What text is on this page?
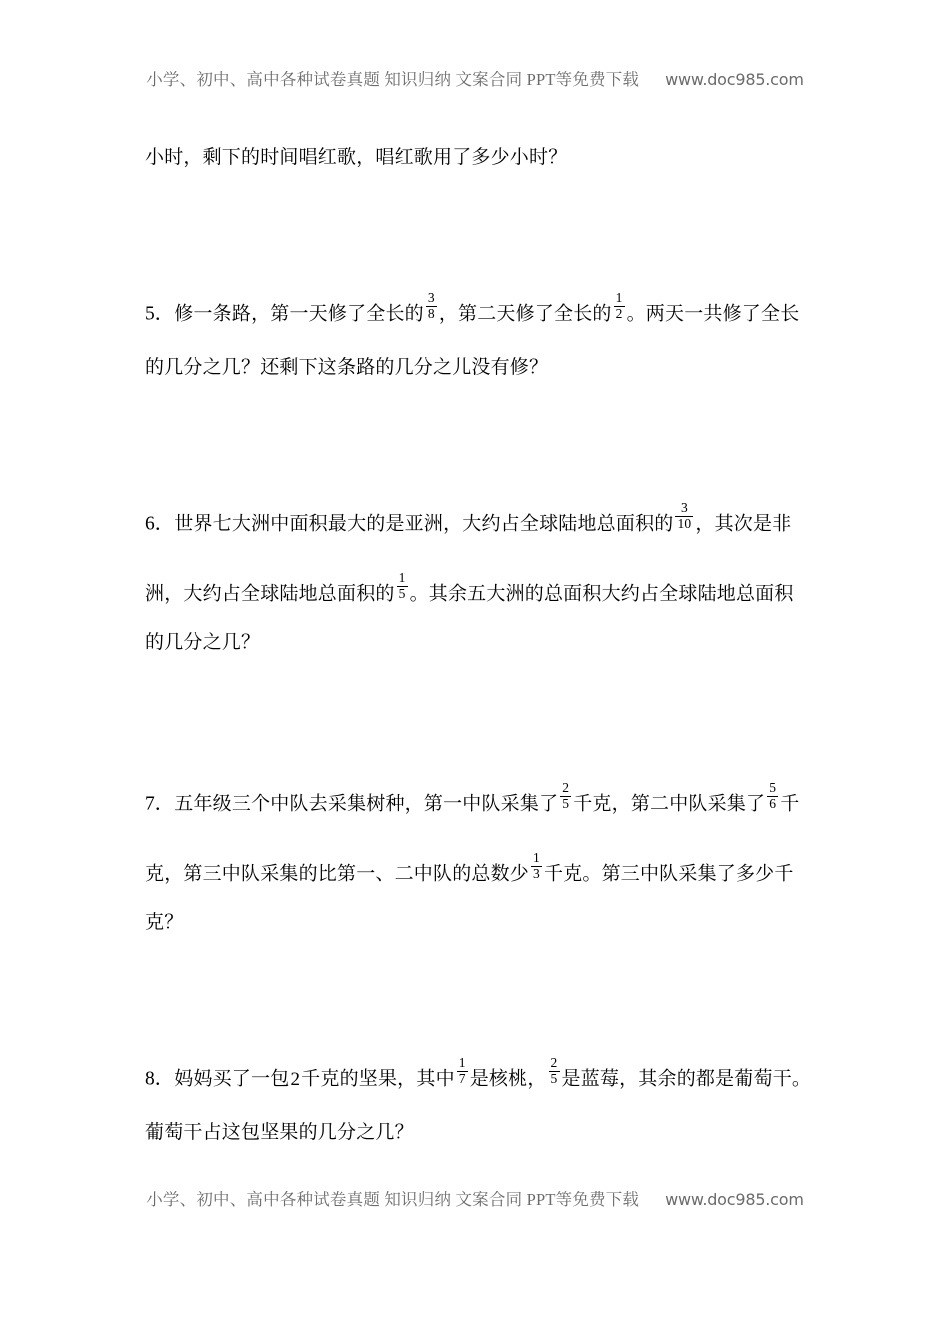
小学、初中、高中各种试卷真题 知识归纳 文案合同 PPT等免费下载 www.doc985.com
小时，剩下的时间唱红歌，唱红歌用了多少小时？
5．修一条路，第一天修了全长的 $\frac{3}{8}$ ，第二天修了全长的 $\frac{1}{2}$ 。两天一共修了全长
的几分之几？还剩下这条路的几分之儿没有修？
6．世界七大洲中面积最大的是亚洲，大约占全球陆地总面积的 $\frac{3}{10}$ ，其次是非
洲，大约占全球陆地总面积的 $\frac{1}{5}$ 。其余五大洲的总面积大约占全球陆地总面积
的几分之几？
7．五年级三个中队去采集树种，第一中队采集了 $\frac{2}{5}$ 千克，第二中队采集了 $\frac{5}{6}$ 千
克，第三中队采集的比第一、二中队的总数少 $\frac{1}{3}$ 千克。第三中队采集了多少千
克？
8．妈妈买了一包2千克的坚果，其中 $\frac{1}{7}$ 是核桃， $\frac{2}{5}$ 是蓝莓，其余的都是葡萄干。
葡萄干占这包坚果的几分之几？
小学、初中、高中各种试卷真题 知识归纳 文案合同 PPT等免费下载 www.doc985.com
